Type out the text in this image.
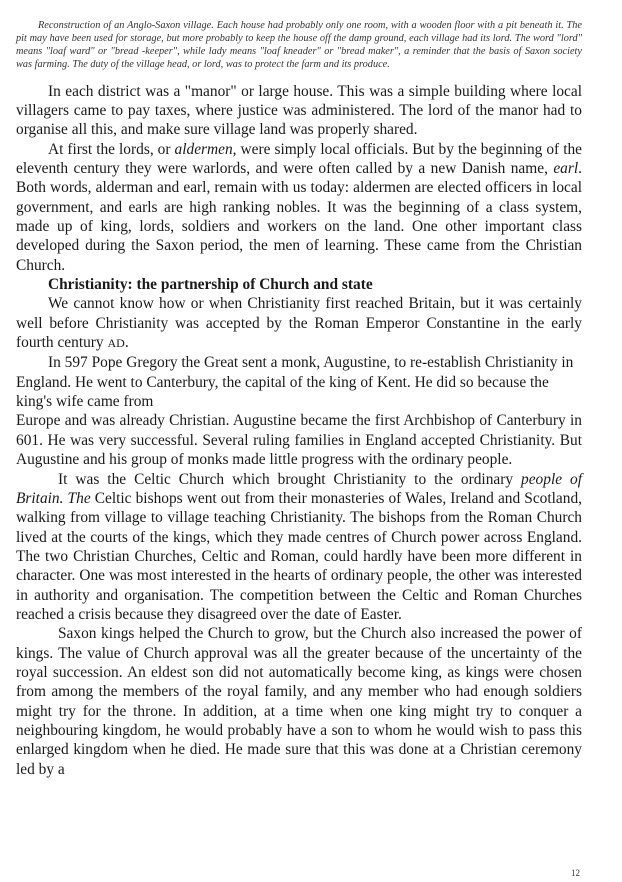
Reconstruction of an Anglo-Saxon village. Each house had probably only one room, with a wooden floor with a pit beneath it. The pit may have been used for storage, but more probably to keep the house off the damp ground, each village had its lord. The word "lord" means "loaf ward" or "bread -keeper", while lady means "loaf kneader" or "bread maker", a reminder that the basis of Saxon society was farming. The duty of the village head, or lord, was to protect the farm and its produce.

In each district was a "manor" or large house. This was a simple building where local villagers came to pay taxes, where justice was administered. The lord of the manor had to organise all this, and make sure village land was properly shared.

At first the lords, or aldermen, were simply local officials. But by the beginning of the eleventh century they were warlords, and were often called by a new Danish name, earl. Both words, alderman and earl, remain with us today: aldermen are elected officers in local government, and earls are high ranking nobles. It was the beginning of a class system, made up of king, lords, soldiers and workers on the land. One other important class developed during the Saxon period, the men of learning. These came from the Christian Church.

Christianity: the partnership of Church and state

We cannot know how or when Christianity first reached Britain, but it was certainly well before Christianity was accepted by the Roman Emperor Constantine in the early fourth century AD.

In 597 Pope Gregory the Great sent a monk, Augustine, to re-establish Christianity in England. He went to Canterbury, the capital of the king of Kent. He did so because the king's wife came from

Europe and was already Christian. Augustine became the first Archbishop of Canterbury in 601. He was very successful. Several ruling families in England accepted Christianity. But Augustine and his group of monks made little progress with the ordinary people.

It was the Celtic Church which brought Christianity to the ordinary people of Britain. The Celtic bishops went out from their monasteries of Wales, Ireland and Scotland, walking from village to village teaching Christianity. The bishops from the Roman Church lived at the courts of the kings, which they made centres of Church power across England. The two Christian Churches, Celtic and Roman, could hardly have been more different in character. One was most interested in the hearts of ordinary people, the other was interested in authority and organisation. The competition between the Celtic and Roman Churches reached a crisis because they disagreed over the date of Easter.

Saxon kings helped the Church to grow, but the Church also increased the power of kings. The value of Church approval was all the greater because of the uncertainty of the royal succession. An eldest son did not automatically become king, as kings were chosen from among the members of the royal family, and any member who had enough soldiers might try for the throne. In addition, at a time when one king might try to conquer a neighbouring kingdom, he would probably have a son to whom he would wish to pass this enlarged kingdom when he died. He made sure that this was done at a Christian ceremony led by a

12
